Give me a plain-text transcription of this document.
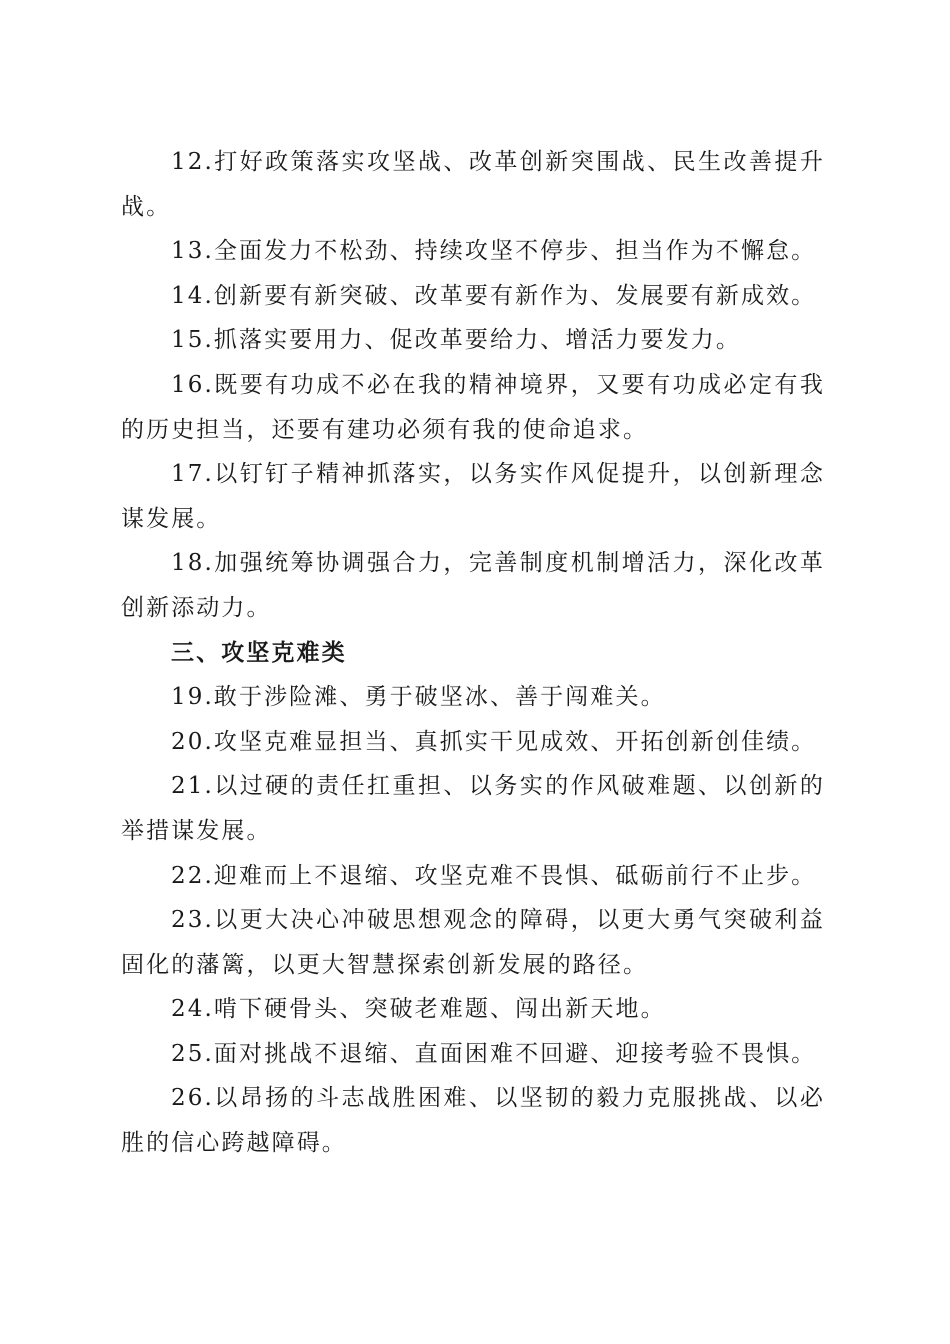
12.打好政策落实攻坚战、改革创新突围战、民生改善提升战。

13.全面发力不松劲、持续攻坚不停步、担当作为不懈怠。

14.创新要有新突破、改革要有新作为、发展要有新成效。

15.抓落实要用力、促改革要给力、增活力要发力。

16.既要有功成不必在我的精神境界，又要有功成必定有我的历史担当，还要有建功必须有我的使命追求。

17.以钉钉子精神抓落实，以务实作风促提升，以创新理念谋发展。

18.加强统筹协调强合力，完善制度机制增活力，深化改革创新添动力。

三、攻坚克难类

19.敢于涉险滩、勇于破坚冰、善于闯难关。

20.攻坚克难显担当、真抓实干见成效、开拓创新创佳绩。

21.以过硬的责任扛重担、以务实的作风破难题、以创新的举措谋发展。

22.迎难而上不退缩、攻坚克难不畏惧、砥砺前行不止步。

23.以更大决心冲破思想观念的障碍，以更大勇气突破利益固化的藩篱，以更大智慧探索创新发展的路径。

24.啃下硬骨头、突破老难题、闯出新天地。

25.面对挑战不退缩、直面困难不回避、迎接考验不畏惧。

26.以昂扬的斗志战胜困难、以坚韧的毅力克服挑战、以必胜的信心跨越障碍。
